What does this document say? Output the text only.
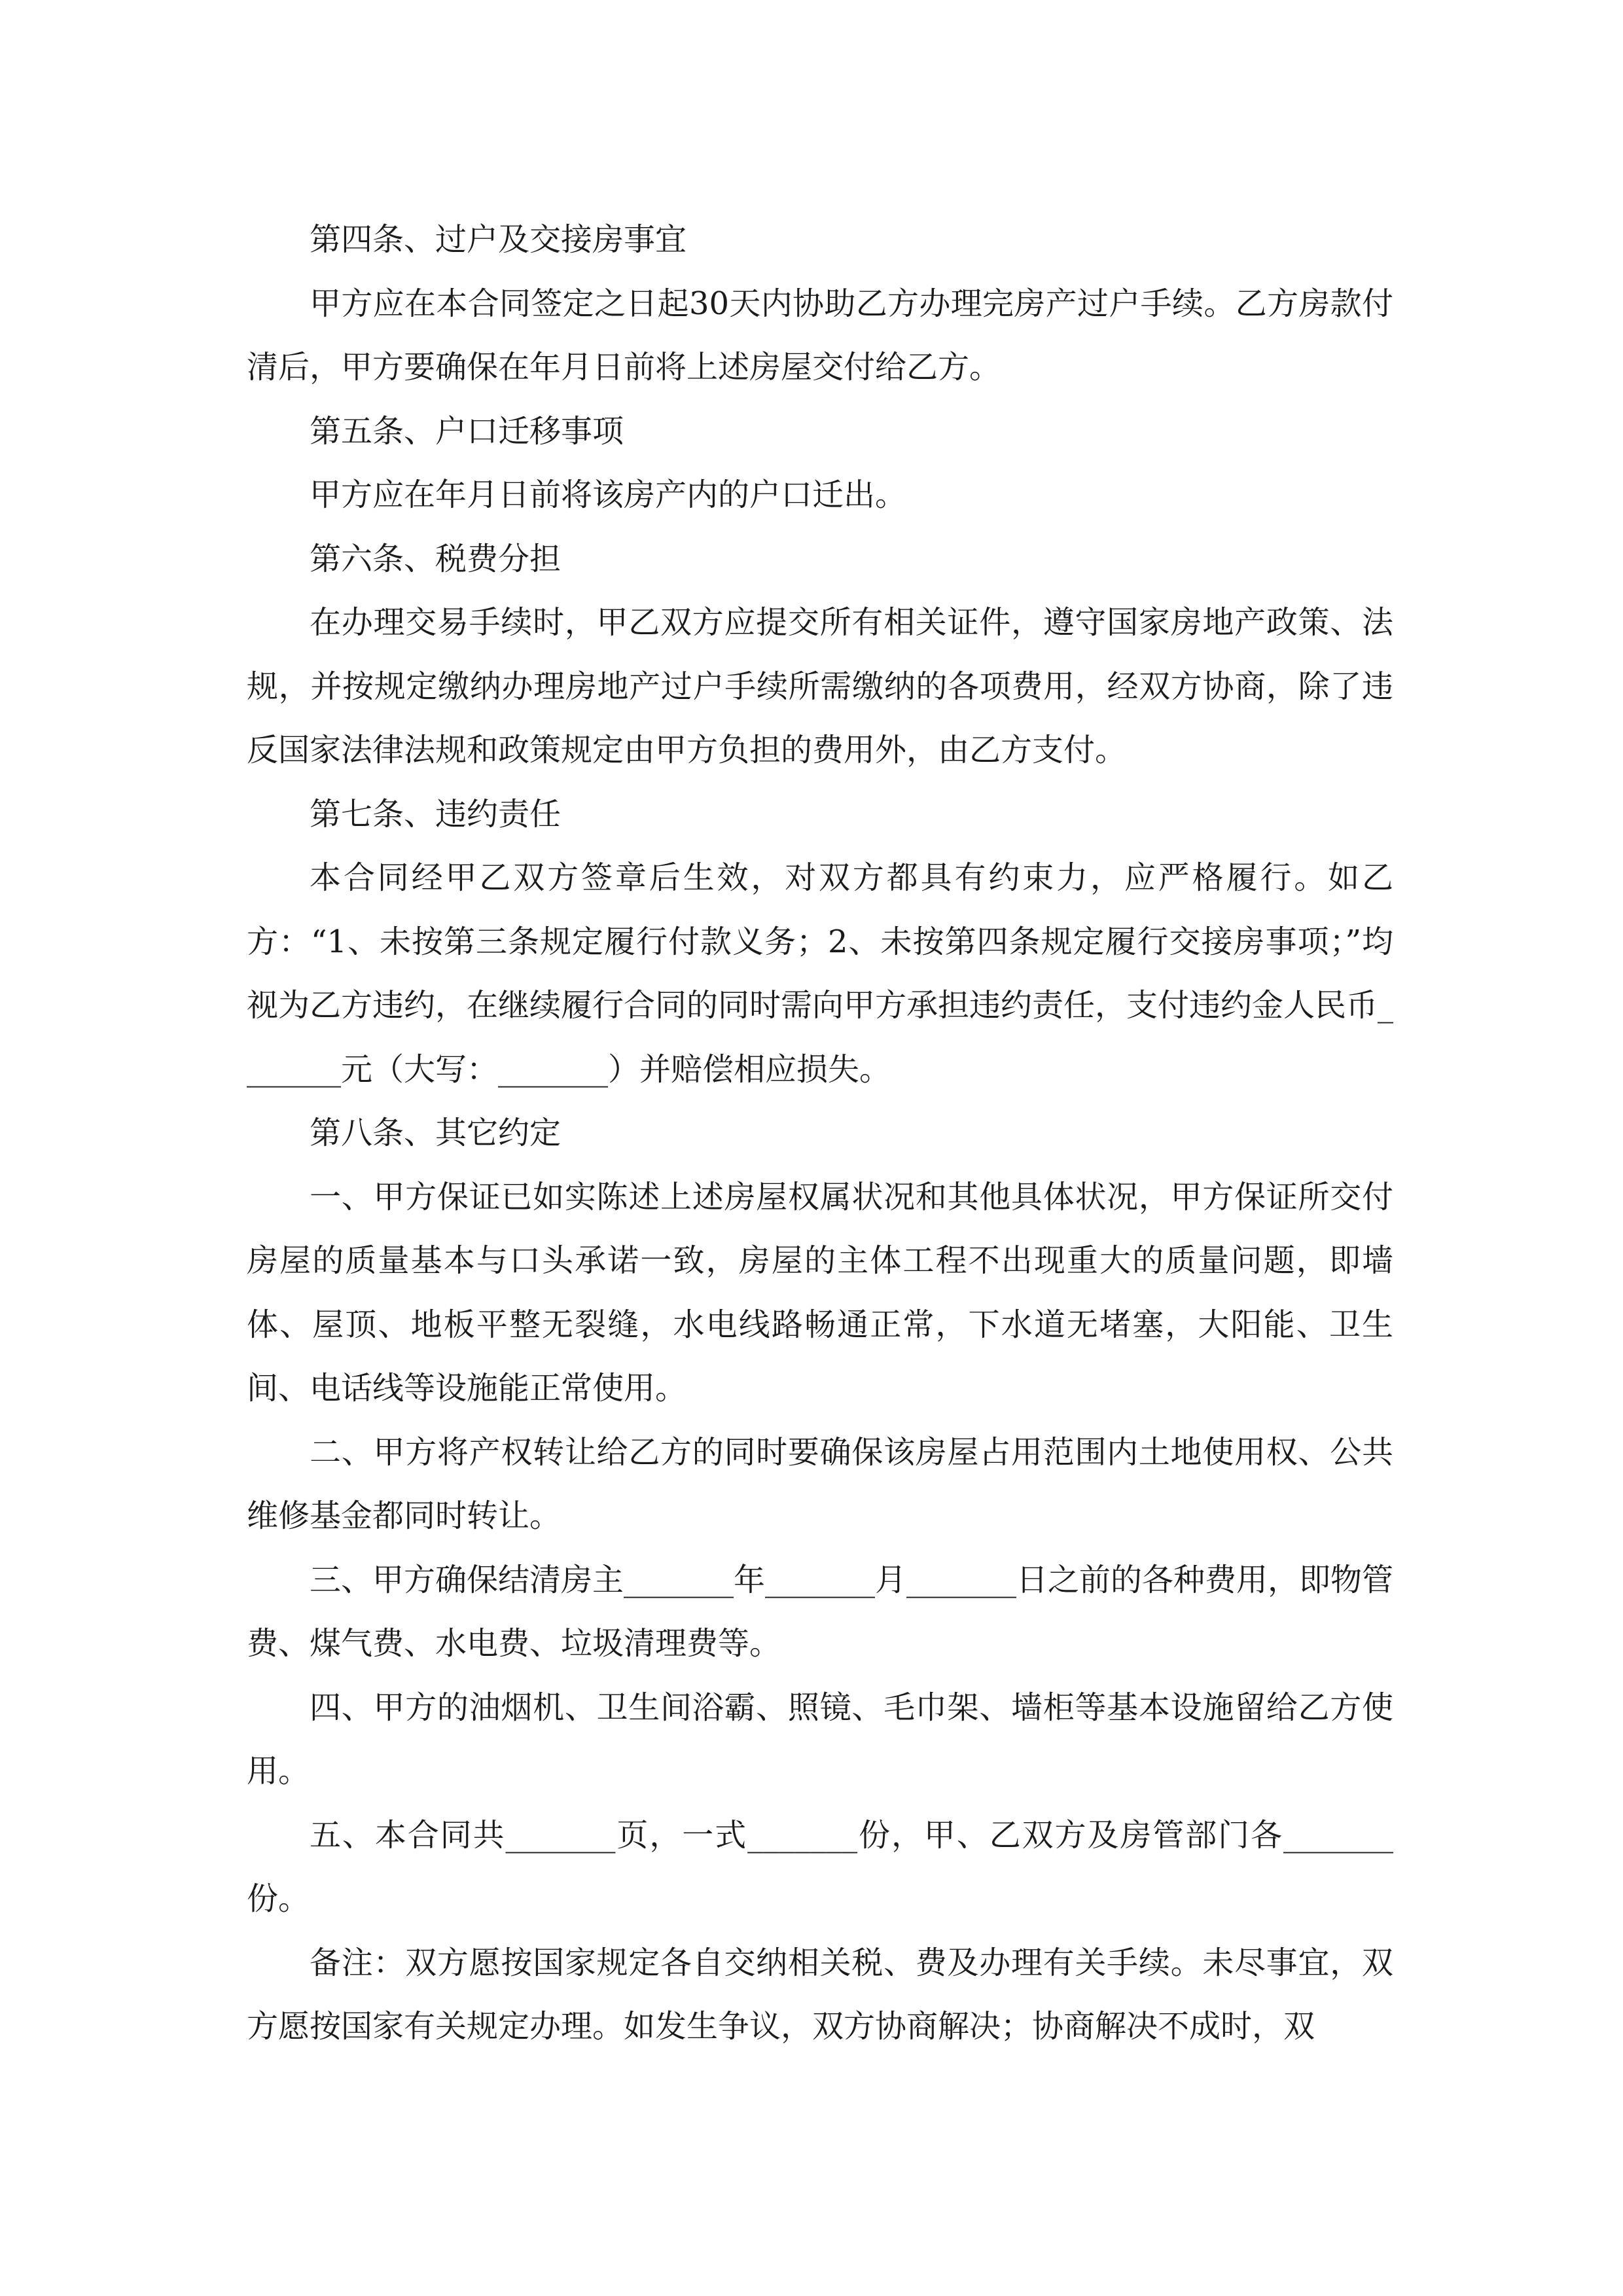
第四条、过户及交接房事宜

甲方应在本合同签定之日起30天内协助乙方办理完房产过户手续。乙方房款付清后，甲方要确保在年月日前将上述房屋交付给乙方。

第五条、户口迁移事项

甲方应在年月日前将该房产内的户口迁出。

第六条、税费分担

在办理交易手续时，甲乙双方应提交所有相关证件，遵守国家房地产政策、法规，并按规定缴纳办理房地产过户手续所需缴纳的各项费用，经双方协商，除了违反国家法律法规和政策规定由甲方负担的费用外，由乙方支付。

第七条、违约责任

本合同经甲乙双方签章后生效，对双方都具有约束力，应严格履行。如乙方：“1、未按第三条规定履行付款义务；2、未按第四条规定履行交接房事项；”均视为乙方违约，在继续履行合同的同时需向甲方承担违约责任，支付违约金人民币_______元（大写：_______）并赔偿相应损失。

第八条、其它约定

一、甲方保证已如实陈述上述房屋权属状况和其他具体状况，甲方保证所交付房屋的质量基本与口头承诺一致，房屋的主体工程不出现重大的质量问题，即墙体、屋顶、地板平整无裂缝，水电线路畅通正常，下水道无堵塞，大阳能、卫生间、电话线等设施能正常使用。

二、甲方将产权转让给乙方的同时要确保该房屋占用范围内土地使用权、公共维修基金都同时转让。

三、甲方确保结清房主_______年_______月_______日之前的各种费用，即物管费、煤气费、水电费、垃圾清理费等。

四、甲方的油烟机、卫生间浴霸、照镜、毛巾架、墙柜等基本设施留给乙方使用。

五、本合同共_______页，一式_______份，甲、乙双方及房管部门各_______份。

备注：双方愿按国家规定各自交纳相关税、费及办理有关手续。未尽事宜，双方愿按国家有关规定办理。如发生争议，双方协商解决；协商解决不成时，双
